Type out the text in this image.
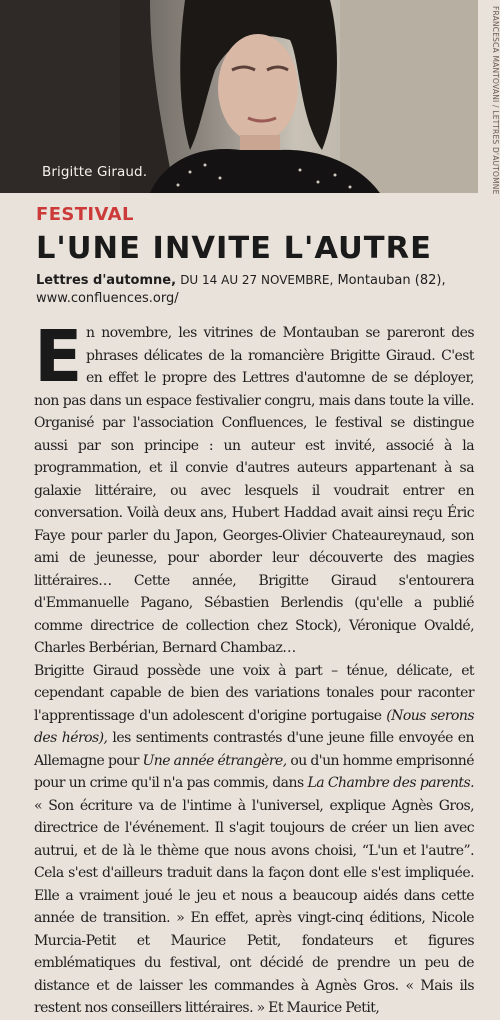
Brigitte Giraud.	FRANCESCA MANTOVANI / LETTRES D'AUTOMNE
FESTIVAL
L'UNE INVITE L'AUTRE
Lettres d'automne, DU 14 AU 27 NOVEMBRE, Montauban (82),
www.confluences.org/

En novembre, les vitrines de Montauban se pareront des phrases délicates de la romancière Brigitte Giraud. C'est en effet le propre des Lettres d'automne de se déployer, non pas dans un espace festivalier congru, mais dans toute la ville. Organisé par l'association Confluences, le festival se distingue aussi par son principe : un auteur est invité, associé à la programmation, et il convie d'autres auteurs appartenant à sa galaxie littéraire, ou avec lesquels il voudrait entrer en conversation. Voilà deux ans, Hubert Haddad avait ainsi reçu Éric Faye pour parler du Japon, Georges-Olivier Chateaureynaud, son ami de jeunesse, pour aborder leur découverte des magies littéraires… Cette année, Brigitte Giraud s'entourera d'Emmanuelle Pagano, Sébastien Berlendis (qu'elle a publié comme directrice de collection chez Stock), Véronique Ovaldé, Charles Berbérian, Bernard Chambaz…

Brigitte Giraud possède une voix à part – ténue, délicate, et cependant capable de bien des variations tonales pour raconter l'apprentissage d'un adolescent d'origine portugaise (Nous serons des héros), les sentiments contrastés d'une jeune fille envoyée en Allemagne pour Une année étrangère, ou d'un homme emprisonné pour un crime qu'il n'a pas commis, dans La Chambre des parents. « Son écriture va de l'intime à l'universel, explique Agnès Gros, directrice de l'événement. Il s'agit toujours de créer un lien avec autrui, et de là le thème que nous avons choisi, “L'un et l'autre”. Cela s'est d'ailleurs traduit dans la façon dont elle s'est impliquée. Elle a vraiment joué le jeu et nous a beaucoup aidés dans cette année de transition. » En effet, après vingt-cinq éditions, Nicole Murcia-Petit et Maurice Petit, fondateurs et figures emblématiques du festival, ont décidé de prendre un peu de distance et de laisser les commandes à Agnès Gros. « Mais ils restent nos conseillers littéraires. » Et Maurice Petit,
